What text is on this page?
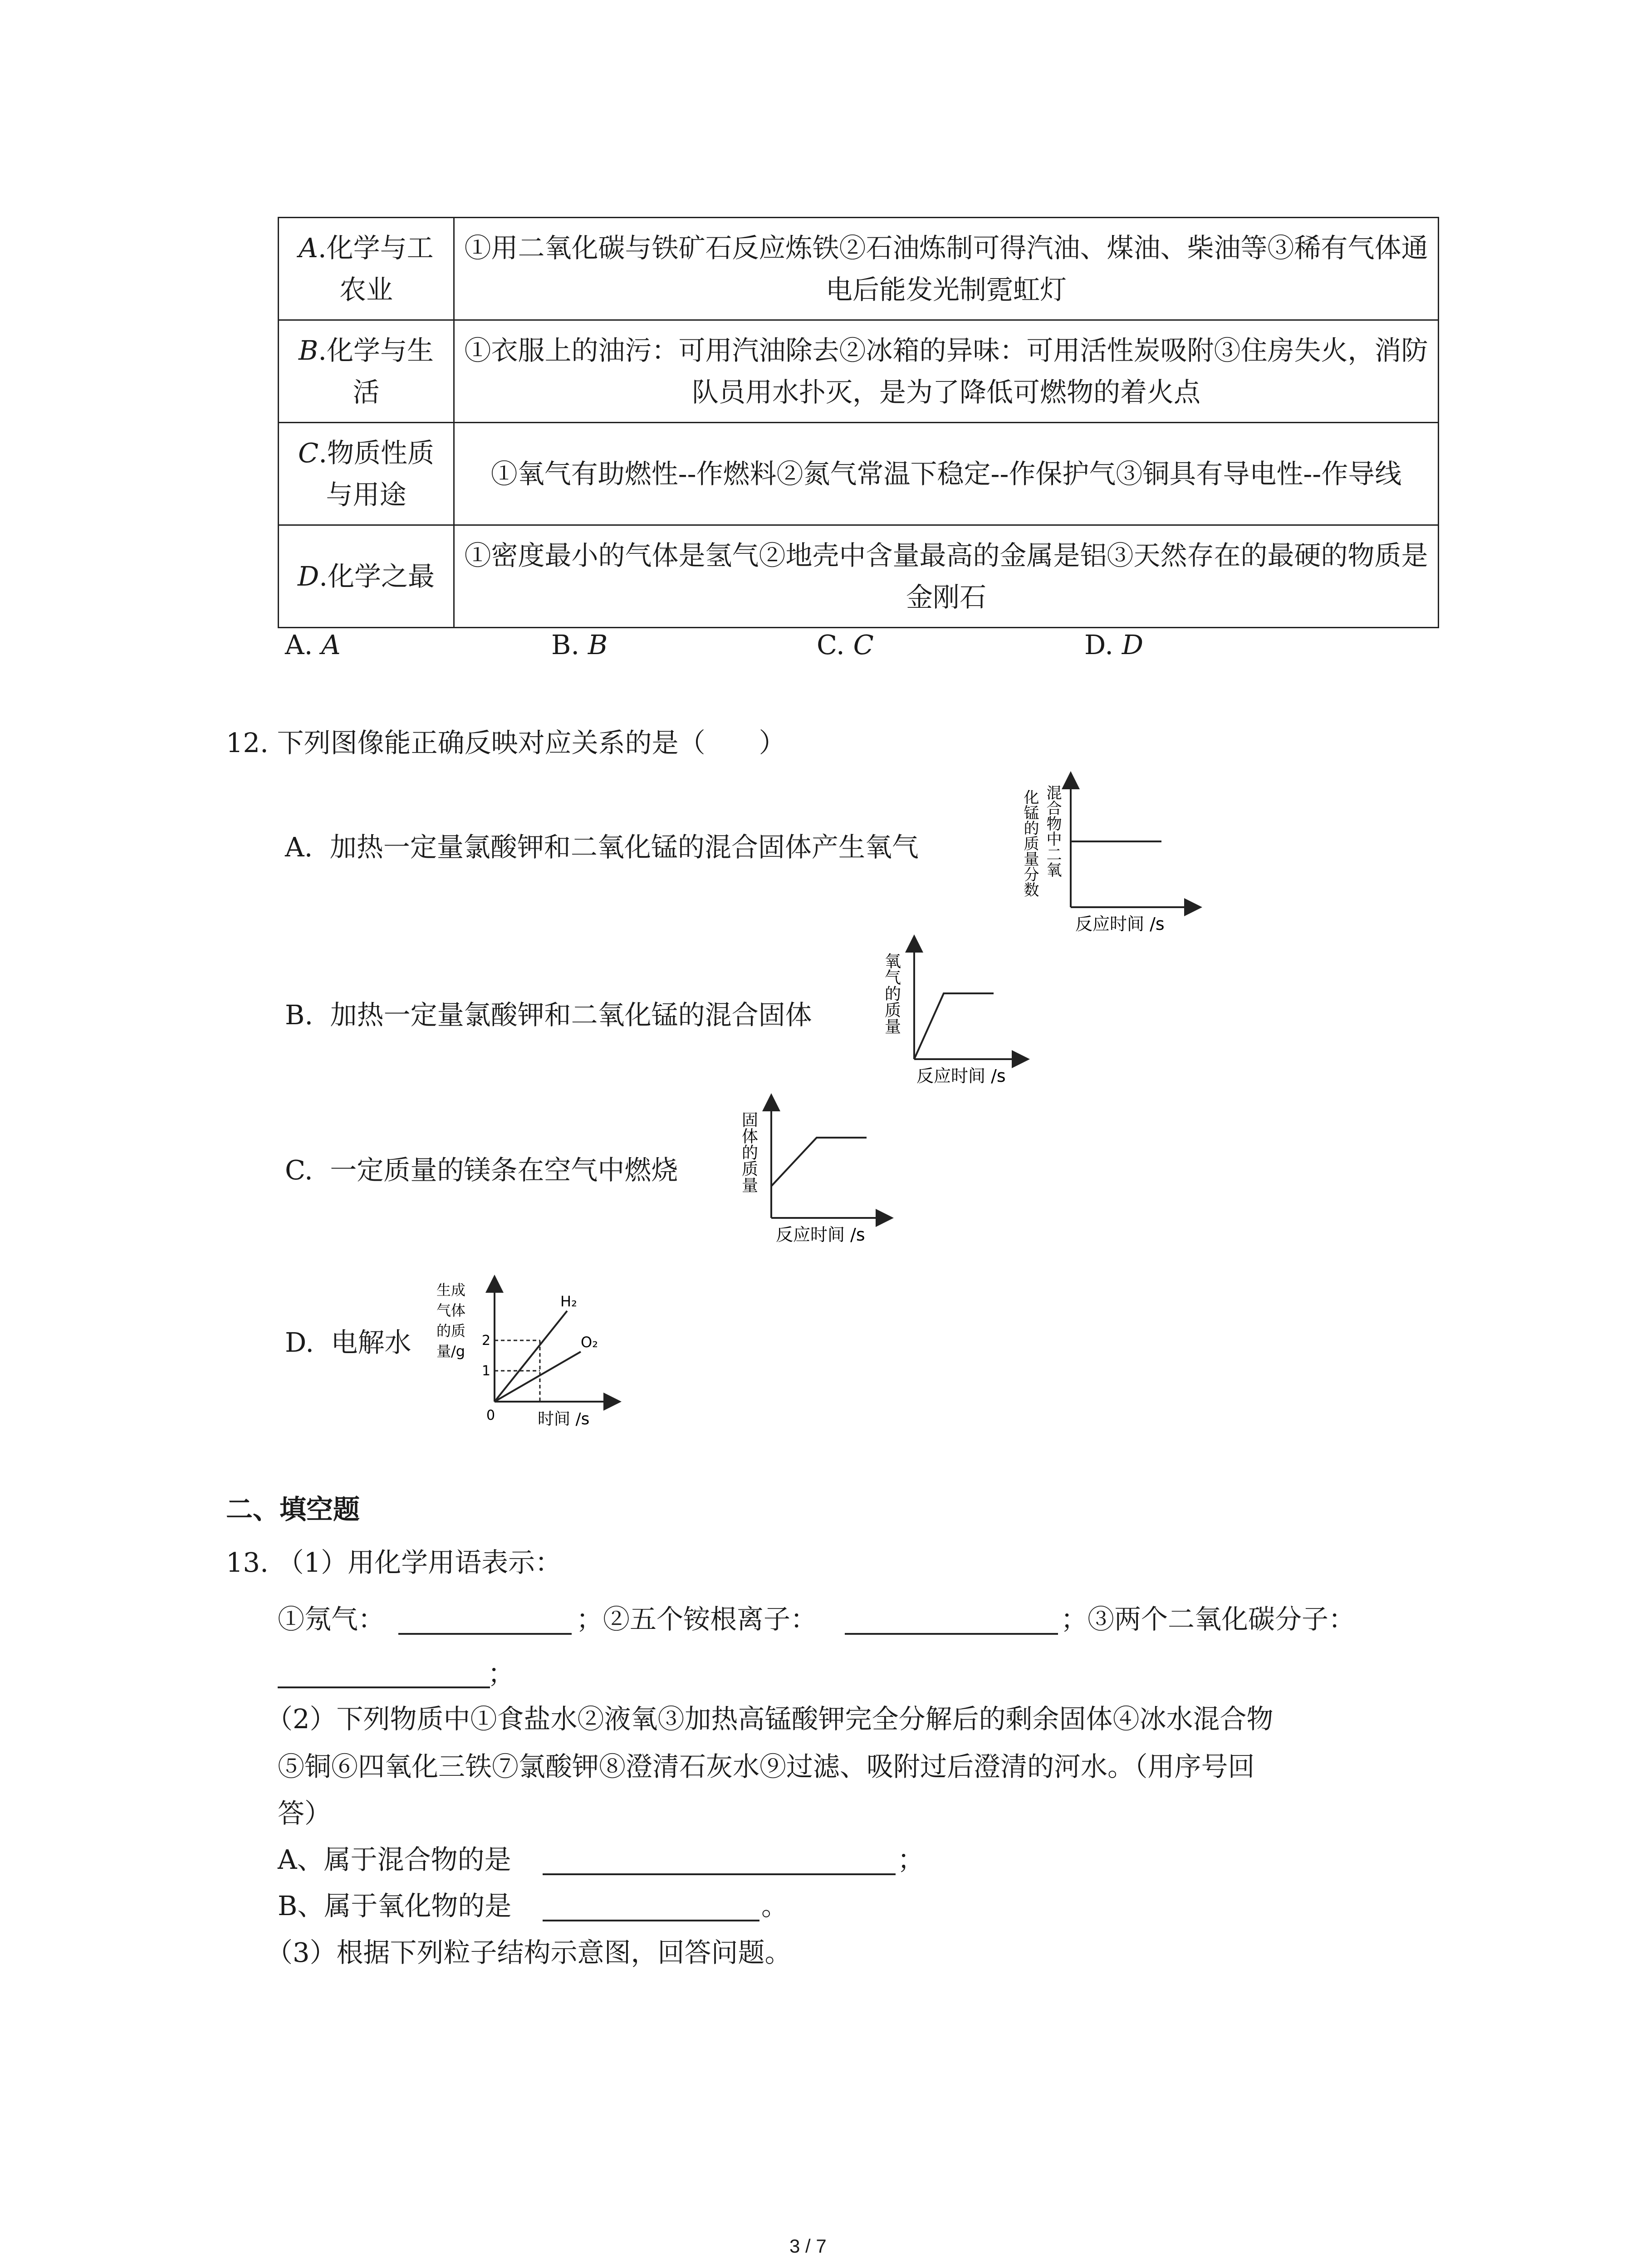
A.化学与工农业	①用二氧化碳与铁矿石反应炼铁②石油炼制可得汽油、煤油、柴油等③稀有气体通电后能发光制霓虹灯
B.化学与生活	①衣服上的油污：可用汽油除去②冰箱的异味：可用活性炭吸附③住房失火，消防队员用水扑灭，是为了降低可燃物的着火点
C.物质性质与用途	①氧气有助燃性--作燃料②氮气常温下稳定--作保护气③铜具有导电性--作导线
D.化学之最	①密度最小的气体是氢气②地壳中含量最高的金属是铝③天然存在的最硬的物质是金刚石
A. A	B. B	C. C	D. D
12. 下列图像能正确反映对应关系的是（　　）
A. 加热一定量氯酸钾和二氧化锰的混合固体产生氧气
B. 加热一定量氯酸钾和二氧化锰的混合固体
C. 一定质量的镁条在空气中燃烧
D. 电解水
化锰的质量分数 混合物中二氧
反应时间 /s
氧气的质量
反应时间 /s
固体的质量
反应时间 /s
生成
气体
的质
量/g
2
1
0	时间 /s
H₂
O₂
二、填空题
13. （1）用化学用语表示：
①氖气：	；②五个铵根离子：	；③两个二氧化碳分子：
；
（2）下列物质中①食盐水②液氧③加热高锰酸钾完全分解后的剩余固体④冰水混合物
⑤铜⑥四氧化三铁⑦氯酸钾⑧澄清石灰水⑨过滤、吸附过后澄清的河水。（用序号回
答）
A、属于混合物的是	；
B、属于氧化物的是	。
（3）根据下列粒子结构示意图，回答问题。
3 / 7
